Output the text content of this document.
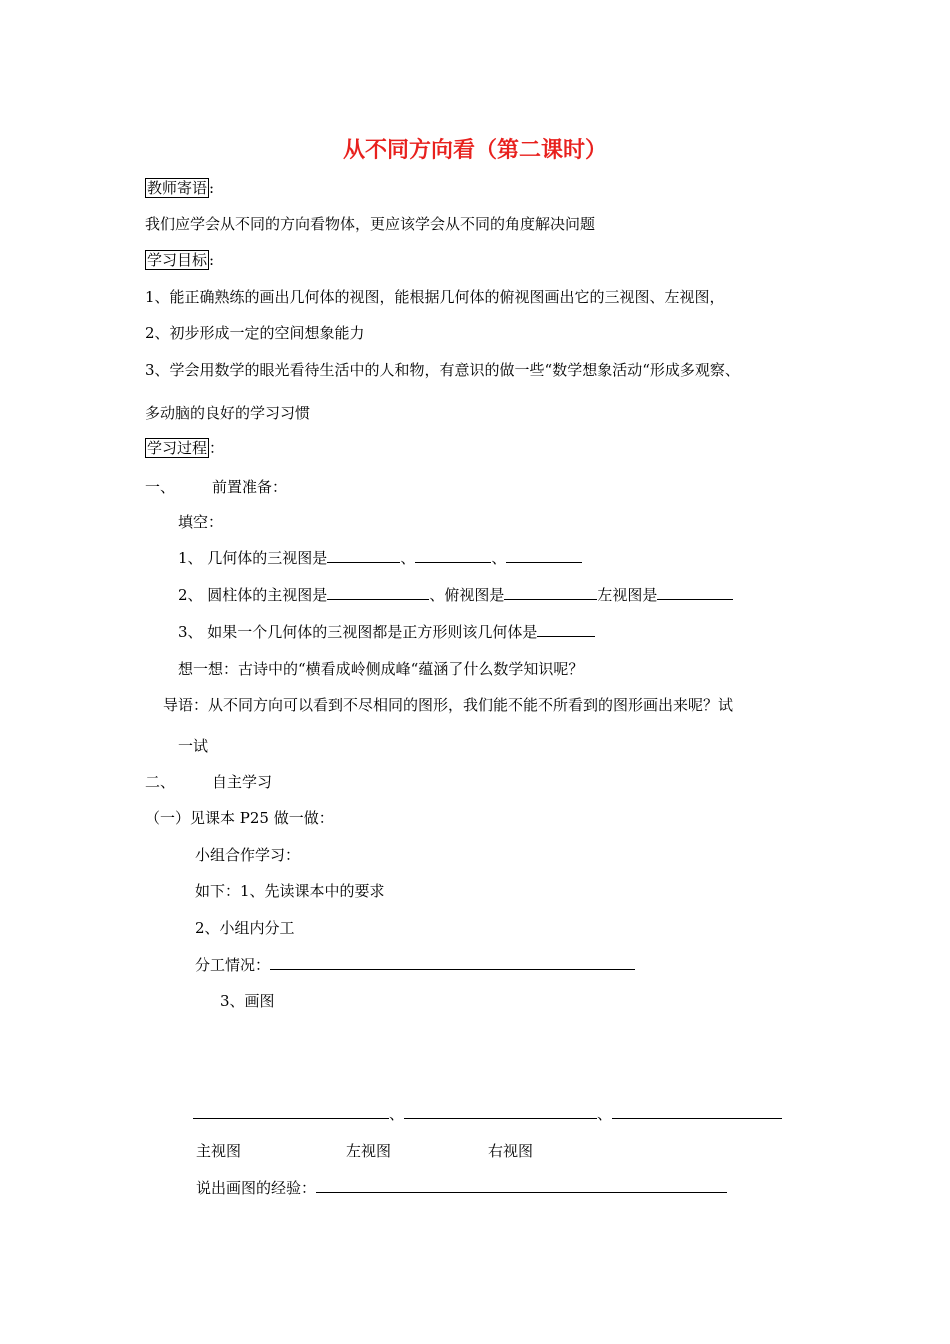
从不同方向看（第二课时）
教师寄语 :
我们应学会从不同的方向看物体，更应该学会从不同的角度解决问题
学习目标 :
1、能正确熟练的画出几何体的视图，能根据几何体的俯视图画出它的三视图、左视图，
2、初步形成一定的空间想象能力
3、学会用数学的眼光看待生活中的人和物，有意识的做一些“数学想象活动“形成多观察、
多动脑的良好的学习习惯
学习过程 ：
一、 前置准备：
填空：
1、 几何体的三视图是	、	、
2、 圆柱体的主视图是	、俯视图是	左视图是
3、 如果一个几何体的三视图都是正方形则该几何体是
想一想：古诗中的“横看成岭侧成峰“蕴涵了什么数学知识呢？
导语：从不同方向可以看到不尽相同的图形，我们能不能不所看到的图形画出来呢？试
一试
二、 自主学习
（一）见课本 P25 做一做：
小组合作学习：
如下：1、先读课本中的要求
2、小组内分工
分工情况：
3、画图
、	、
主视图	左视图	右视图
说出画图的经验：
